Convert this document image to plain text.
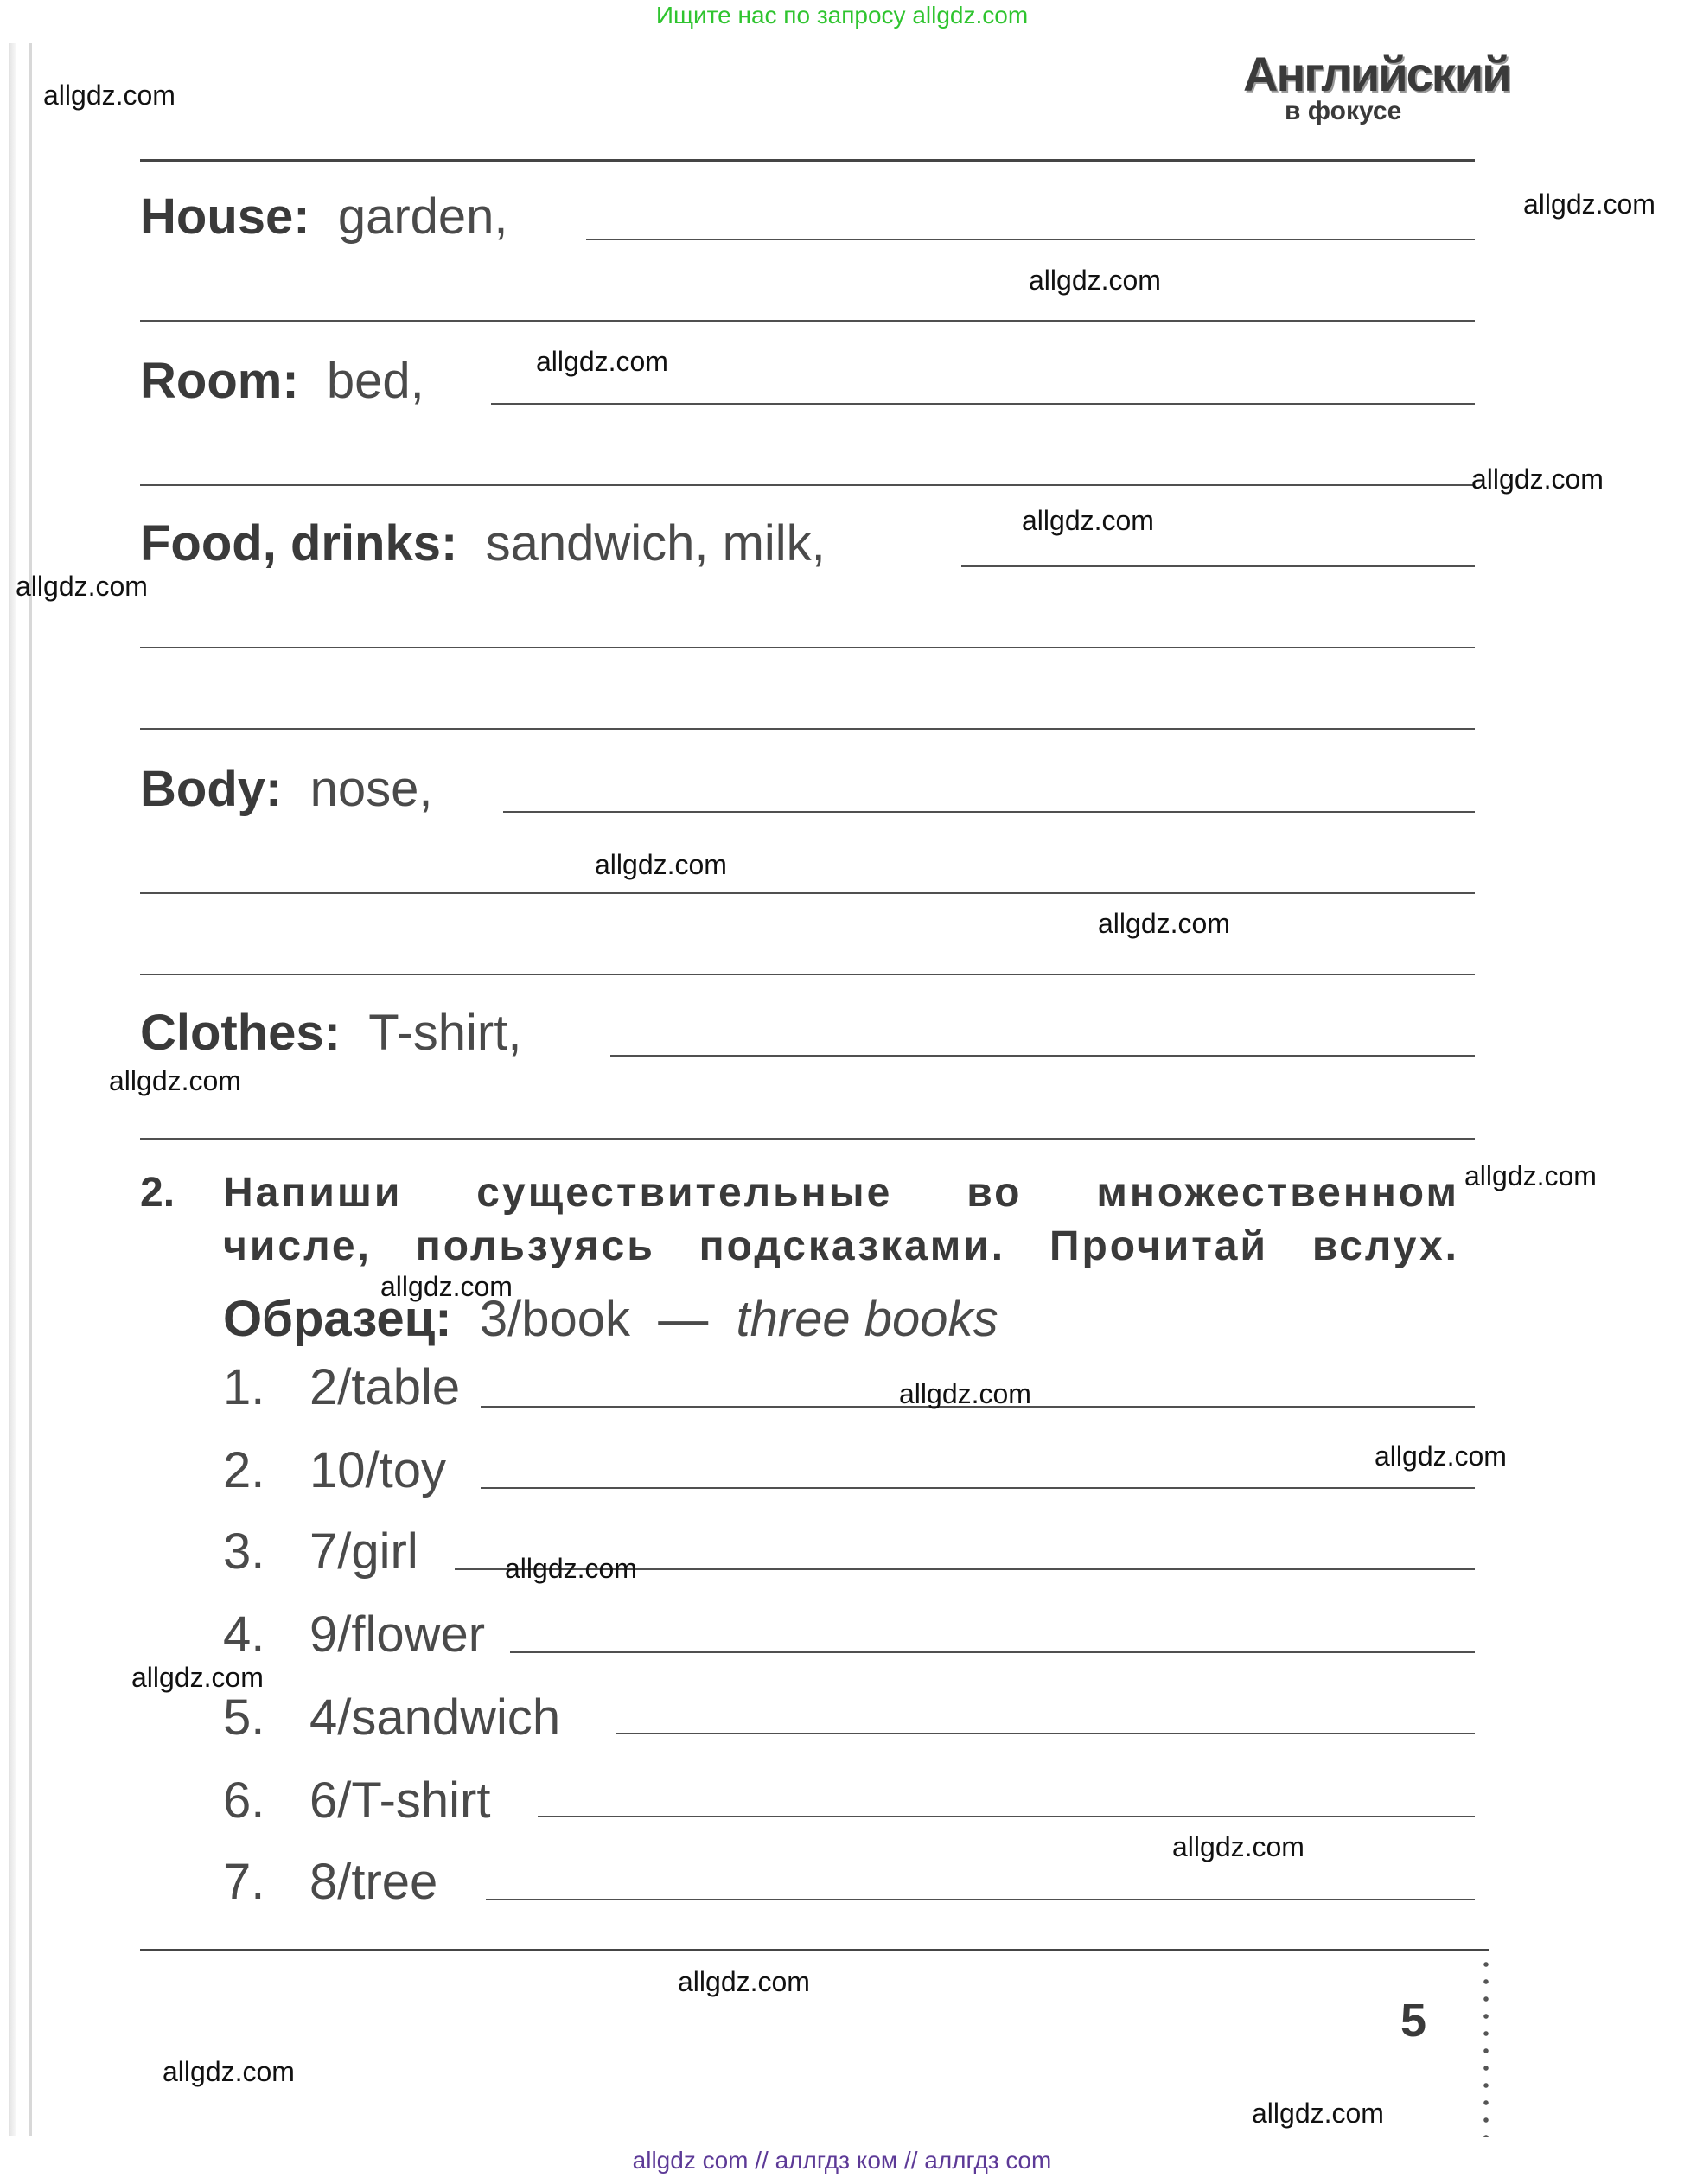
Ищите нас по запросу allgdz.com
Английский
в фокусе
House: garden,
Room: bed,
Food, drinks: sandwich, milk,
Body: nose,
Clothes: T-shirt,
2. Напиши существительные во множественном
числе, пользуясь подсказками. Прочитай вслух.
Образец: 3/book — three books
1. 2/table
2. 10/toy
3. 7/girl
4. 9/flower
5. 4/sandwich
6. 6/T-shirt
7. 8/tree
5
allgdz.com
allgdz.com
allgdz.com
allgdz.com
allgdz.com
allgdz.com
allgdz.com
allgdz.com
allgdz.com
allgdz.com
allgdz.com
allgdz.com
allgdz.com
allgdz.com
allgdz.com
allgdz.com
allgdz.com
allgdz.com
allgdz.com
allgdz.com
allgdz com // аллгдз ком // аллгдз com
